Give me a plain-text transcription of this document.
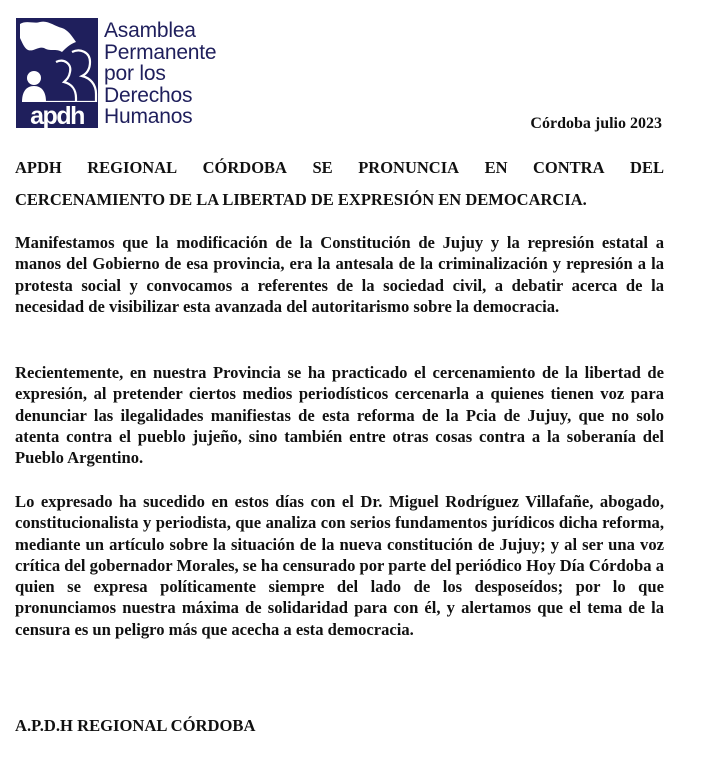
apdh
Asamblea
Permanente
por los
Derechos
Humanos	Córdoba julio 2023
APDH REGIONAL CÓRDOBA SE PRONUNCIA EN CONTRA DEL
CERCENAMIENTO DE LA LIBERTAD DE EXPRESIÓN EN DEMOCARCIA.

Manifestamos que la modificación de la Constitución de Jujuy y la represión estatal a manos del Gobierno de esa provincia, era la antesala de la criminalización y represión a la protesta social y convocamos a referentes de la sociedad civil, a debatir acerca de la necesidad de visibilizar esta avanzada del autoritarismo sobre la democracia.

Recientemente, en nuestra Provincia se ha practicado el cercenamiento de la libertad de expresión, al pretender ciertos medios periodísticos cercenarla a quienes tienen voz para denunciar las ilegalidades manifiestas de esta reforma de la Pcia de Jujuy, que no solo atenta contra el pueblo jujeño, sino también entre otras cosas contra a la soberanía del Pueblo Argentino.

Lo expresado ha sucedido en estos días con el Dr. Miguel Rodríguez Villafañe, abogado, constitucionalista y periodista, que analiza con serios fundamentos jurídicos dicha reforma, mediante un artículo sobre la situación de la nueva constitución de Jujuy; y al ser una voz crítica del gobernador Morales, se ha censurado por parte del periódico Hoy Día Córdoba a quien se expresa políticamente siempre del lado de los desposeídos; por lo que pronunciamos nuestra máxima de solidaridad para con él, y alertamos que el tema de la censura es un peligro más que acecha a esta democracia.

A.P.D.H REGIONAL CÓRDOBA
